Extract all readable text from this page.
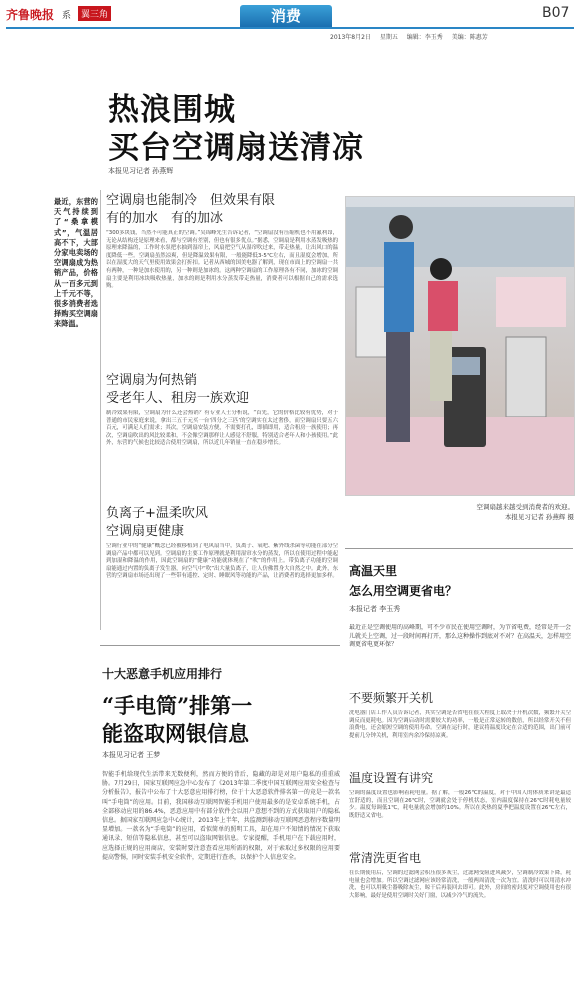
齐鲁晚报 系	翼三角	消费	B07
2013年8月2日 星期五 编辑：李玉秀 美编：陈惠芳
热浪围城
买台空调扇送清凉
本报见习记者 孙燕辉
最近，东营的天气持续到了“桑拿模式”，气温居高不下，大部分家电卖场的空调扇成为热销产品，价格从一百多元到上千元不等，很多消费者选择购买空调扇来降温。
空调扇也能制冷　但效果有限
有的加水　有的加冰
“300多块钱，当然不可能真正的空调。”吴锦峰先生告诉记者，“空调扇没有压缩机也不用氟利昂，无论从结构还是原理来看，都与空调有差别，但也有很多优点。”据悉，空调扇是利用水蒸发吸热的原理来降温的，工作时水泵把水抽到湿帘上，风扇把空气从湿帘吹过来，带走热量，让出风口的温度降低一些。空调扇虽然凉爽，但是降温效果有限，一般能降低3-5℃左右，而且湿度会增加，所以在湿度大的天气里使用效果会打折扣。记者从西城的国美电器了解到，现在市面上的空调扇一共有两种，一种是加水使用的，另一种则是加冰的。这两种空调扇的工作原理各有不同，加冰的空调扇主要是利用冰块吸收热量，加水的则是利用水分蒸发带走热量，消费者可以根据自己的需求选购。
空调扇为何热销
受老年人、租房一族欢迎
制冷效果有限，空调扇为什么还会热销？有专业人士分析说，“首先，它的价格比较有优势，对于普通的市民家庭来说，拿出三五千元买一台‘四分之三匹’的空调实在太过奢侈，而空调扇只要五六百元，可满足人们需求；其次，空调扇安装方便，不需要打孔，即插即用，适合租房一族使用；再次，空调扇吹出的风比较柔和，不会像空调那样让人感觉不舒服，特别适合老年人和小孩使用。”此外，东营的气候也比较适合使用空调扇，所以近几年销量一直在稳步增长。
负离子+温柔吹风
空调扇更健康
空调行业中的“健康”概念已经被移植到了电风扇当中，负离子、氧吧、紫外线杀菌等功能在部分空调扇产品中都可以见到。空调扇的主要工作原理就是利用湿帘水分的蒸发，所以在使用过程中能起到加湿和降温的作用，因此空调扇的“健康”功能就体现在了“吹”的作用上。带负离子功能的空调扇能通过内置的负离子发生器，向空气中“吹”出大量负离子，让人仿佛置身大自然之中。此外，东营的空调扇市场还出现了一些带有遥控、定时、睡眠风等功能的产品，让消费者的选择更加多样。
空调扇越来越受到消费者的欢迎。
本报见习记者 孙燕辉 摄
高温天里
怎么用空调更省电？
本报记者 李玉秀
最近正是空调使用的高峰期，可不少市民在使用空调时，为节省电费，经常是开一会儿就关上空调，过一段时间再打开，那么这种操作到底对不对？在高温天，怎样用空调更省电更环保？
不要频繁开关机
洗电器门店工作人员告诉记者，其实空调是否省电在很大程度上取决于开机次数，频繁开关空调反而更耗电。因为空调启动时需要较大的功率，一般是正常运转的数倍，所以经常开关不但浪费电，还会缩短空调的使用寿命。空调在运行时，建议将温度设定在合适的范围，出门前可提前几分钟关机，利用室内余冷保持凉爽。
温度设置有讲究
空调的温度设置也影响着耗电量。据了解，一般26℃的温度，对于中国人的体质来讲是最适宜舒适的，而且空调在26℃时，空调就会处于停机状态，室内温度保持在26℃时耗电量较少。温度每调低1℃，耗电量就会增加约10%。所以在炎热的夏季把温度设置在26℃左右，既舒适又省电。
常清洗更省电
在长期使用后，空调的过滤网会积压很多灰尘，过滤网受阻进风减少，空调制冷效果下降，耗电量也会增加。所以空调过滤网应该经常清洗，一般两周清洗一次为宜。清洗时可以用清水冲洗，也可以用吸尘器吸除灰尘，晾干后再装回去即可。此外，房间的密封度对空调使用也有很大影响，最好是使用空调时关好门窗，以减少冷气的流失。
十大恶意手机应用排行
“手电筒”排第一
能盗取网银信息
本报见习记者 王梦
智能手机给现代生活带来无数便利，然而方便的背后，隐藏的却是对用户隐私的重重威胁。7月29日，国家互联网应急中心发布了《2013年第二季度中国互联网应用安全检查与分析报告》，报告中公布了十大恶意应用排行榜，位于十大恶意软件排名第一的竟是一款名叫“手电筒”的应用。目前，我国移动互联网智能手机用户使用最多的是安卓系统手机，占全部移动应用的86.4%，恶意应用中有部分软件会以用户意想不到的方式获取用户的隐私信息。据国家互联网应急中心统计，2013年上半年，共监测到移动互联网恶意程序数量明显增加。一款名为“手电筒”的应用，看似简单的照明工具，却在用户不知情的情况下获取通讯录、短信等隐私信息，甚至可以盗取网银信息。专家提醒，手机用户在下载应用时，应选择正规的应用商店，安装时要注意查看应用所需的权限，对于索取过多权限的应用要提高警惕，同时安装手机安全软件，定期进行查杀，以保护个人信息安全。
